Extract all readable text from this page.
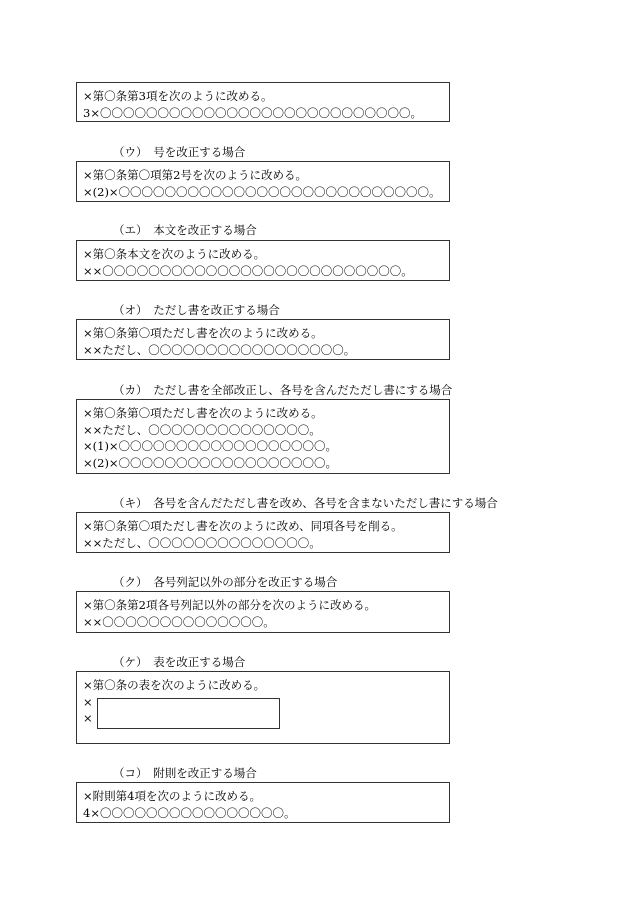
×第〇条第3項を次のように改める。
3×〇〇〇〇〇〇〇〇〇〇〇〇〇〇〇〇〇〇〇〇〇〇〇〇〇〇〇。
（ウ）　号を改正する場合
×第〇条第〇項第2号を次のように改める。
×(2)×〇〇〇〇〇〇〇〇〇〇〇〇〇〇〇〇〇〇〇〇〇〇〇〇〇〇〇。
（エ）　本文を改正する場合
×第〇条本文を次のように改める。
××〇〇〇〇〇〇〇〇〇〇〇〇〇〇〇〇〇〇〇〇〇〇〇〇〇〇。
（オ）　ただし書を改正する場合
×第〇条第〇項ただし書を次のように改める。
××ただし、〇〇〇〇〇〇〇〇〇〇〇〇〇〇〇〇〇。
（カ）　ただし書を全部改正し、各号を含んだただし書にする場合
×第〇条第〇項ただし書を次のように改める。
××ただし、〇〇〇〇〇〇〇〇〇〇〇〇〇〇。
×(1)×〇〇〇〇〇〇〇〇〇〇〇〇〇〇〇〇〇〇。
×(2)×〇〇〇〇〇〇〇〇〇〇〇〇〇〇〇〇〇〇。
（キ）　各号を含んだただし書を改め、各号を含まないただし書にする場合
×第〇条第〇項ただし書を次のように改め、同項各号を削る。
××ただし、〇〇〇〇〇〇〇〇〇〇〇〇〇〇。
（ク）　各号列記以外の部分を改正する場合
×第〇条第2項各号列記以外の部分を次のように改める。
××〇〇〇〇〇〇〇〇〇〇〇〇〇〇。
（ケ）　表を改正する場合
×第〇条の表を次のように改める。
×
×
（コ）　附則を改正する場合
×附則第4項を次のように改める。
4×〇〇〇〇〇〇〇〇〇〇〇〇〇〇〇〇。
